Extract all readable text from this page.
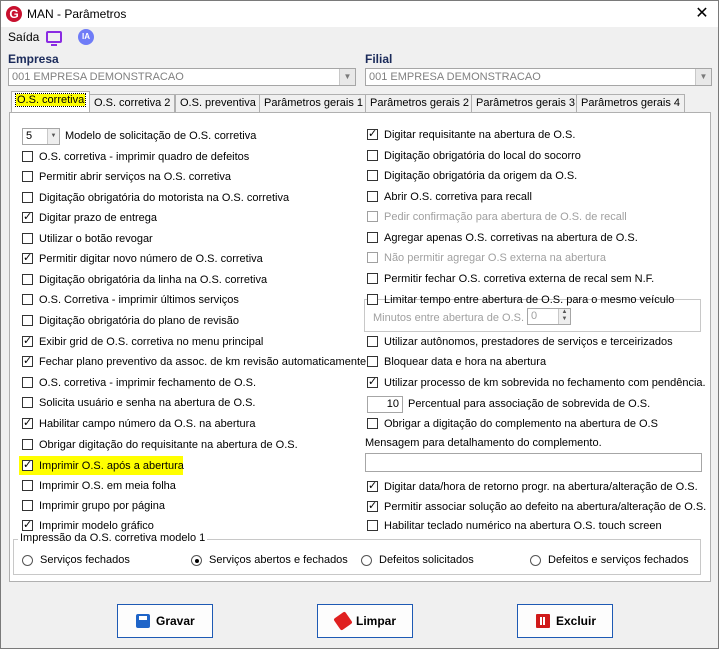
G MAN - Parâmetros	✕
Saída	IA
Empresa
001 EMPRESA DEMONSTRACAO	▼
Filial
001 EMPRESA DEMONSTRACAO	▼
O.S. corretiva O.S. corretiva 2 O.S. preventiva Parâmetros gerais 1 Parâmetros gerais 2 Parâmetros gerais 3 Parâmetros gerais 4
5	▼ Modelo de solicitação de O.S. corretiva
O.S. corretiva - imprimir quadro de defeitos
Permitir abrir serviços na O.S. corretiva
Digitação obrigatória do motorista na O.S. corretiva
✓
Digitar prazo de entrega
Utilizar o botão revogar
✓
Permitir digitar novo número de O.S. corretiva
Digitação obrigatória da linha na O.S. corretiva
O.S. Corretiva - imprimir últimos serviços
Digitação obrigatória do plano de revisão
✓
Exibir grid de O.S. corretiva no menu principal
✓
Fechar plano preventivo da assoc. de km revisão automaticamente
O.S. corretiva - imprimir fechamento de O.S.
Solicita usuário e senha na abertura de O.S.
✓
Habilitar campo número da O.S. na abertura
Obrigar digitação do requisitante na abertura de O.S.
✓
Imprimir O.S. após a abertura
Imprimir O.S. em meia folha
Imprimir grupo por página
✓
Imprimir modelo gráfico
✓
Digitar requisitante na abertura de O.S.
Digitação obrigatória do local do socorro
Digitação obrigatória da origem da O.S.
Abrir O.S. corretiva para recall
Pedir confirmação para abertura de O.S. de recall
Agregar apenas O.S. corretivas na abertura de O.S.
Não permitir agregar O.S externa na abertura
Permitir fechar O.S. corretiva externa de recal sem N.F.
Limitar tempo entre abertura de O.S. para o mesmo veículo
Minutos entre abertura de O.S. 0	▲
▼
Utilizar autônomos, prestadores de serviços e terceirizados
Bloquear data e hora na abertura
✓
Utilizar processo de km sobrevida no fechamento com pendência.
10 Percentual para associação de sobrevida de O.S.
Obrigar a digitação do complemento na abertura de O.S
Mensagem para detalhamento do complemento.
✓
Digitar data/hora de retorno progr. na abertura/alteração de O.S.
✓
Permitir associar solução ao defeito na abertura/alteração de O.S.
Habilitar teclado numérico na abertura O.S. touch screen
Impressão da O.S. corretiva modelo 1
Serviços fechados	Serviços abertos e fechados	Defeitos solicitados	Defeitos e serviços fechados
Gravar	Limpar	Excluir
